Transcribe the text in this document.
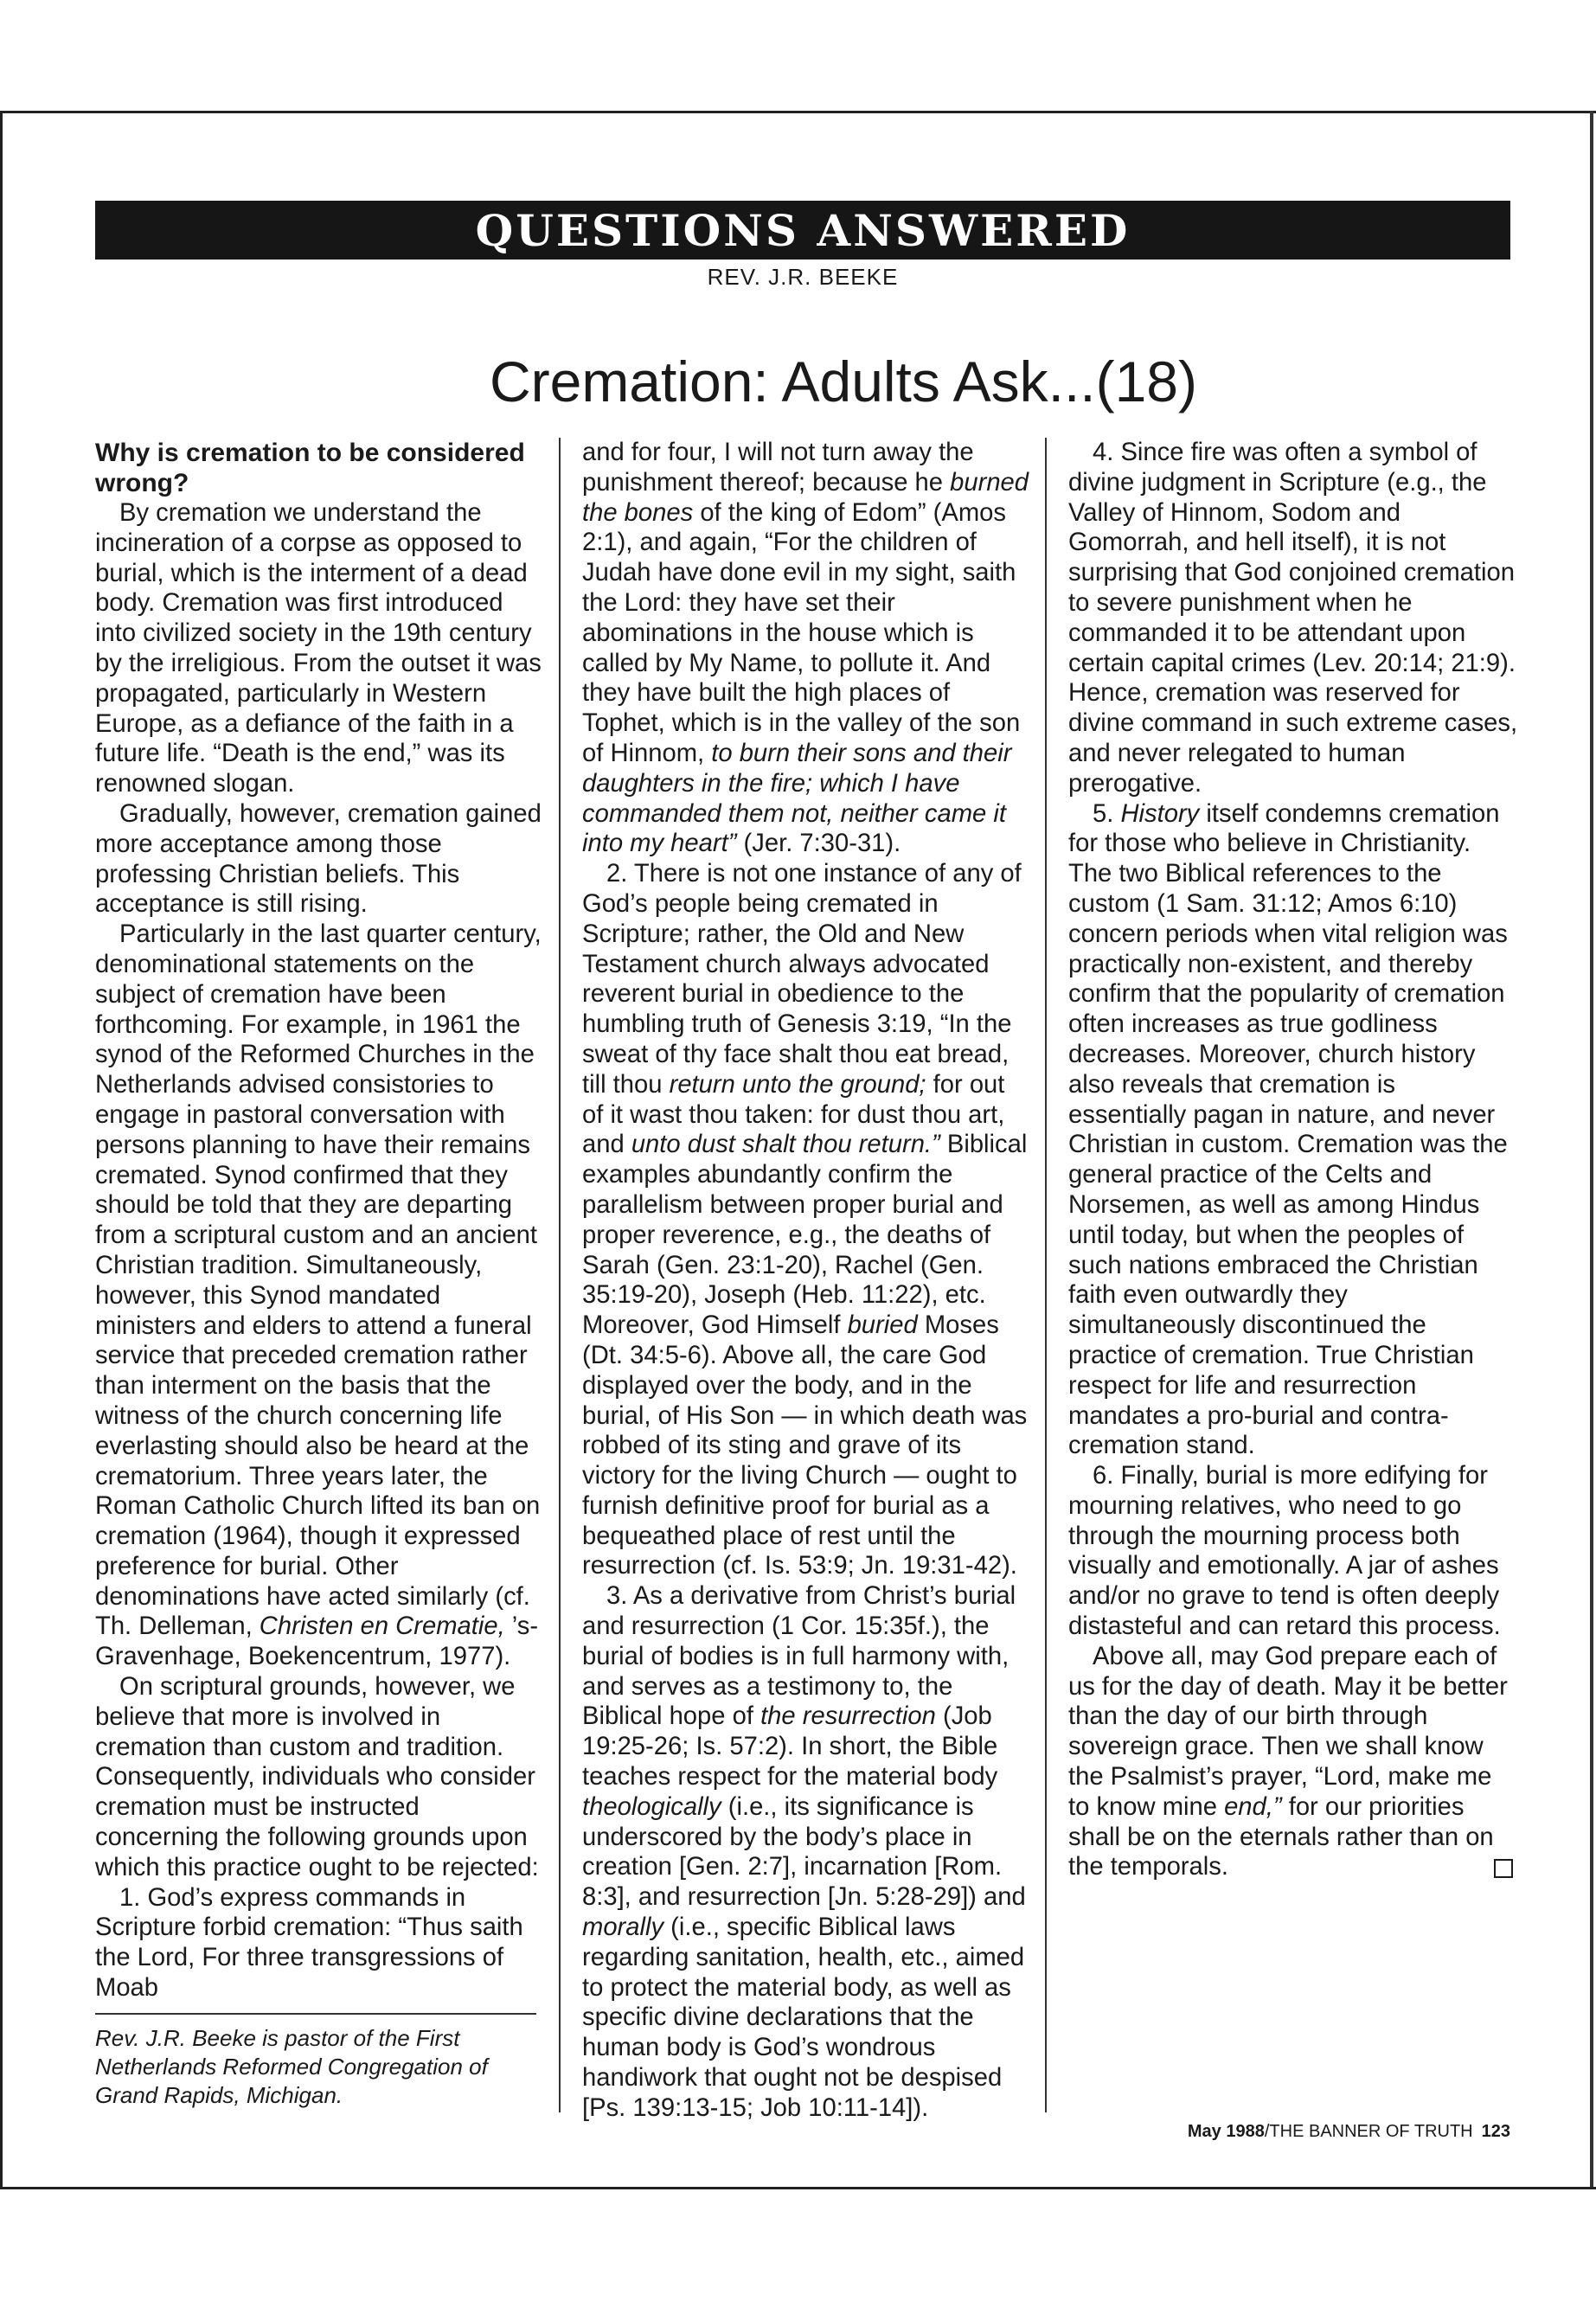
QUESTIONS ANSWERED
REV. J.R. BEEKE
Cremation: Adults Ask...(18)

Why is cremation to be considered wrong?

By cremation we understand the incineration of a corpse as opposed to burial, which is the interment of a dead body. Cremation was first introduced into civilized society in the 19th century by the irreligious. From the outset it was propagated, particularly in Western Europe, as a defiance of the faith in a future life. “Death is the end,” was its renowned slogan.

Gradually, however, cremation gained more acceptance among those professing Christian beliefs. This acceptance is still rising.

Particularly in the last quarter century, denominational statements on the subject of cremation have been forthcoming. For example, in 1961 the synod of the Reformed Churches in the Netherlands advised consistories to engage in pastoral conversation with persons planning to have their remains cremated. Synod confirmed that they should be told that they are departing from a scriptural custom and an ancient Christian tradition. Simultaneously, however, this Synod mandated ministers and elders to attend a funeral service that preceded cremation rather than interment on the basis that the witness of the church concerning life everlasting should also be heard at the crematorium. Three years later, the Roman Catholic Church lifted its ban on cremation (1964), though it expressed preference for burial. Other denominations have acted similarly (cf. Th. Delleman, Christen en Crematie, ’s-Gravenhage, Boekencentrum, 1977).

On scriptural grounds, however, we believe that more is involved in cremation than custom and tradition. Consequently, individuals who consider cremation must be instructed concerning the following grounds upon which this practice ought to be rejected:

1. God’s express commands in Scripture forbid cremation: “Thus saith the Lord, For three transgressions of Moab

Rev. J.R. Beeke is pastor of the First Netherlands Reformed Congregation of Grand Rapids, Michigan.

and for four, I will not turn away the punishment thereof; because he burned the bones of the king of Edom” (Amos 2:1), and again, “For the children of Judah have done evil in my sight, saith the Lord: they have set their abominations in the house which is called by My Name, to pollute it. And they have built the high places of Tophet, which is in the valley of the son of Hinnom, to burn their sons and their daughters in the fire; which I have commanded them not, neither came it into my heart” (Jer. 7:30-31).

2. There is not one instance of any of God’s people being cremated in Scripture; rather, the Old and New Testament church always advocated reverent burial in obedience to the humbling truth of Genesis 3:19, “In the sweat of thy face shalt thou eat bread, till thou return unto the ground; for out of it wast thou taken: for dust thou art, and unto dust shalt thou return.” Biblical examples abundantly confirm the parallelism between proper burial and proper reverence, e.g., the deaths of Sarah (Gen. 23:1-20), Rachel (Gen. 35:19-20), Joseph (Heb. 11:22), etc. Moreover, God Himself buried Moses (Dt. 34:5-6). Above all, the care God displayed over the body, and in the burial, of His Son — in which death was robbed of its sting and grave of its victory for the living Church — ought to furnish definitive proof for burial as a bequeathed place of rest until the resurrection (cf. Is. 53:9; Jn. 19:31-42).

3. As a derivative from Christ’s burial and resurrection (1 Cor. 15:35f.), the burial of bodies is in full harmony with, and serves as a testimony to, the Biblical hope of the resurrection (Job 19:25-26; Is. 57:2). In short, the Bible teaches respect for the material body theologically (i.e., its significance is underscored by the body’s place in creation [Gen. 2:7], incarnation [Rom. 8:3], and resurrection [Jn. 5:28-29]) and morally (i.e., specific Biblical laws regarding sanitation, health, etc., aimed to protect the material body, as well as specific divine declarations that the human body is God’s wondrous handiwork that ought not be despised [Ps. 139:13-15; Job 10:11-14]).

4. Since fire was often a symbol of divine judgment in Scripture (e.g., the Valley of Hinnom, Sodom and Gomorrah, and hell itself), it is not surprising that God conjoined cremation to severe punishment when he commanded it to be attendant upon certain capital crimes (Lev. 20:14; 21:9). Hence, cremation was reserved for divine command in such extreme cases, and never relegated to human prerogative.

5. History itself condemns cremation for those who believe in Christianity. The two Biblical references to the custom (1 Sam. 31:12; Amos 6:10) concern periods when vital religion was practically non-existent, and thereby confirm that the popularity of cremation often increases as true godliness decreases. Moreover, church history also reveals that cremation is essentially pagan in nature, and never Christian in custom. Cremation was the general practice of the Celts and Norsemen, as well as among Hindus until today, but when the peoples of such nations embraced the Christian faith even outwardly they simultaneously discontinued the practice of cremation. True Christian respect for life and resurrection mandates a pro-burial and contra-cremation stand.

6. Finally, burial is more edifying for mourning relatives, who need to go through the mourning process both visually and emotionally. A jar of ashes and/or no grave to tend is often deeply distasteful and can retard this process.

Above all, may God prepare each of us for the day of death. May it be better than the day of our birth through sovereign grace. Then we shall know the Psalmist’s prayer, “Lord, make me to know mine end,” for our priorities shall be on the eternals rather than on the temporals.

May 1988/THE BANNER OF TRUTH 123
